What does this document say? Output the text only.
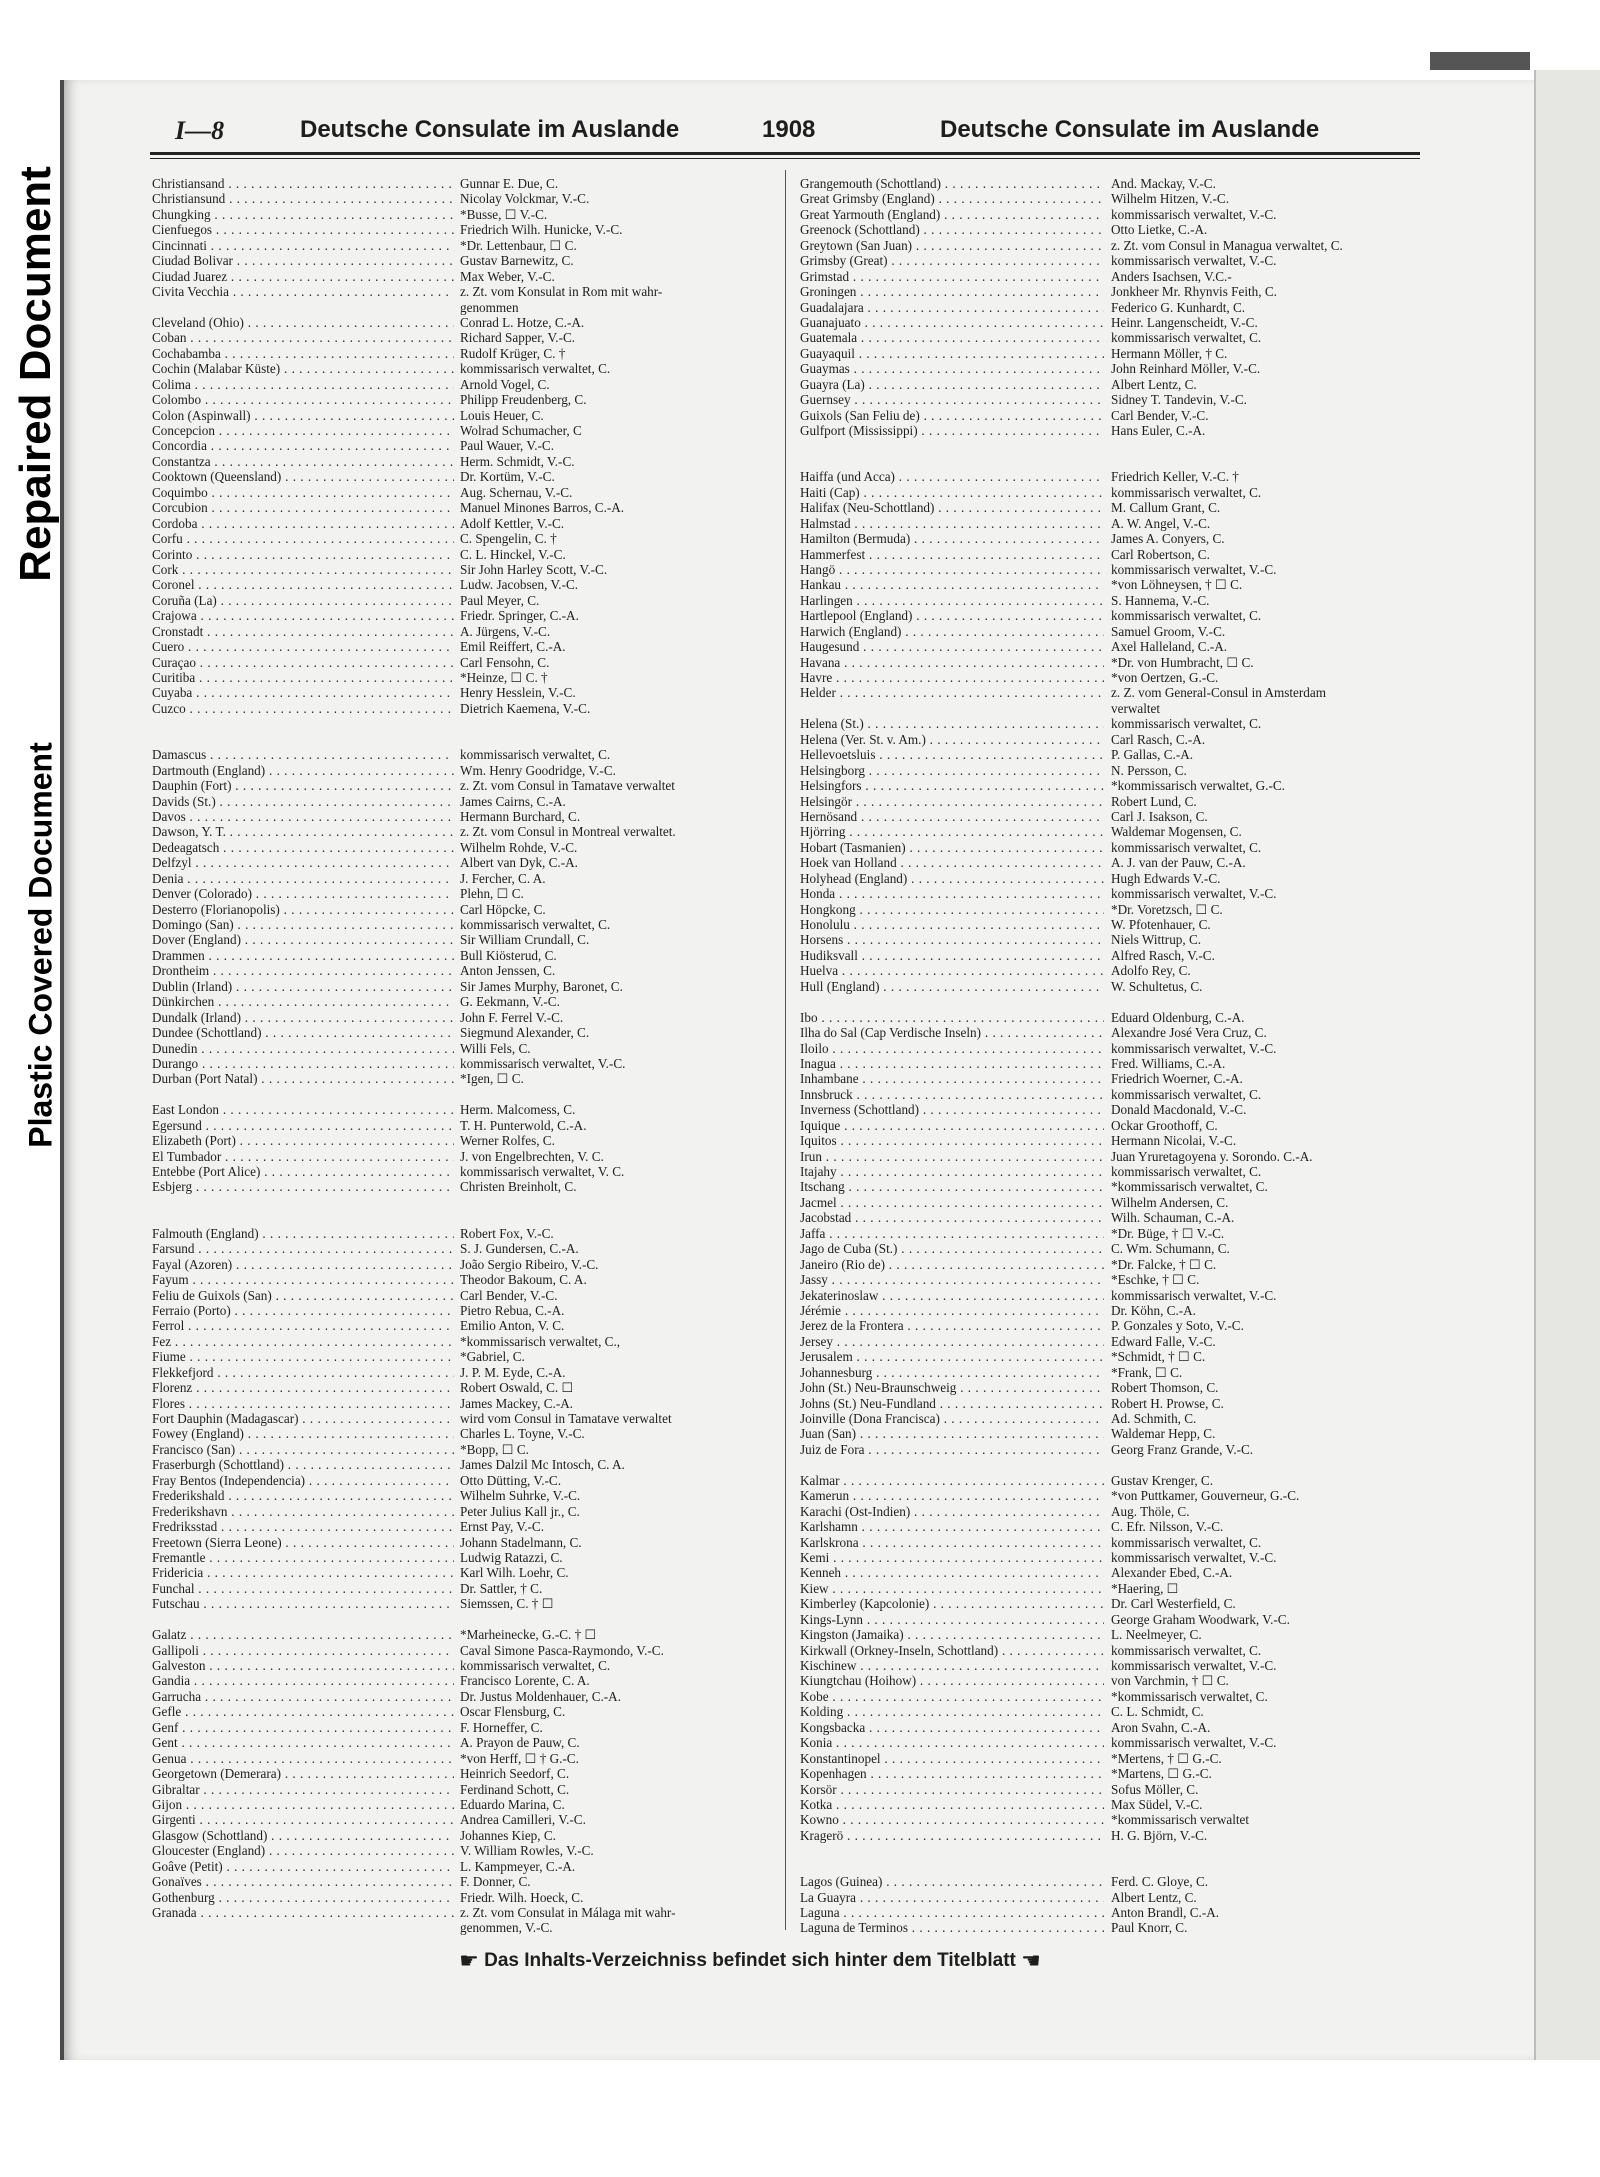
Repaired Document
Plastic Covered Document
I—8	Deutsche Consulate im Auslande	1908	Deutsche Consulate im Auslande
Christiansand . . .	Gunnar E. Due, C.
Christiansund . . .	Nicolay Volckmar, V.-C.
Chungking . . .	*Busse, ☐ V.-C.
Cienfuegos . . .	Friedrich Wilh. Hunicke, V.-C.
Cincinnati . . .	*Dr. Lettenbaur, ☐ C.
Ciudad Bolivar . . .	Gustav Barnewitz, C.
Ciudad Juarez . . .	Max Weber, V.-C.
Civita Vecchia . . .	z. Zt. vom Konsulat in Rom mit wahr-
genommen
Cleveland (Ohio) . . .	Conrad L. Hotze, C.-A.
Coban . . .	Richard Sapper, V.-C.
Cochabamba . . .	Rudolf Krüger, C. †
Cochin (Malabar Küste) . . .	kommissarisch verwaltet, C.
Colima . . .	Arnold Vogel, C.
Colombo . . .	Philipp Freudenberg, C.
Colon (Aspinwall) . . .	Louis Heuer, C.
Concepcion . . .	Wolrad Schumacher, C
Concordia . . .	Paul Wauer, V.-C.
Constantza . . .	Herm. Schmidt, V.-C.
Cooktown (Queensland) . . .	Dr. Kortüm, V.-C.
Coquimbo . . .	Aug. Schernau, V.-C.
Corcubion . . .	Manuel Minones Barros, C.-A.
Cordoba . . .	Adolf Kettler, V.-C.
Corfu . . .	C. Spengelin, C. †
Corinto . . .	C. L. Hinckel, V.-C.
Cork . . .	Sir John Harley Scott, V.-C.
Coronel . . .	Ludw. Jacobsen, V.-C.
Coruña (La) . . .	Paul Meyer, C.
Crajowa . . .	Friedr. Springer, C.-A.
Cronstadt . . .	A. Jürgens, V.-C.
Cuero . . .	Emil Reiffert, C.-A.
Curaçao . . .	Carl Fensohn, C.
Curitiba . . .	*Heinze, ☐ C. †
Cuyaba . . .	Henry Hesslein, V.-C.
Cuzco . . .	Dietrich Kaemena, V.-C.
Damascus . . .	kommissarisch verwaltet, C.
Dartmouth (England) . . .	Wm. Henry Goodridge, V.-C.
Dauphin (Fort) . . .	z. Zt. vom Consul in Tamatave verwaltet
Davids (St.) . . .	James Cairns, C.-A.
Davos . . .	Hermann Burchard, C.
Dawson, Y. T. . . .	z. Zt. vom Consul in Montreal verwaltet.
Dedeagatsch . . .	Wilhelm Rohde, V.-C.
Delfzyl . . .	Albert van Dyk, C.-A.
Denia . . .	J. Fercher, C. A.
Denver (Colorado) . . .	Plehn, ☐ C.
Desterro (Florianopolis) . . .	Carl Höpcke, C.
Domingo (San) . . .	kommissarisch verwaltet, C.
Dover (England) . . .	Sir William Crundall, C.
Drammen . . .	Bull Kiösterud, C.
Drontheim . . .	Anton Jenssen, C.
Dublin (Irland) . . .	Sir James Murphy, Baronet, C.
Dünkirchen . . .	G. Eekmann, V.-C.
Dundalk (Irland) . . .	John F. Ferrel V.-C.
Dundee (Schottland) . . .	Siegmund Alexander, C.
Dunedin . . .	Willi Fels, C.
Durango . . .	kommissarisch verwaltet, V.-C.
Durban (Port Natal) . . .	*Igen, ☐ C.
East London . . .	Herm. Malcomess, C.
Egersund . . .	T. H. Punterwold, C.-A.
Elizabeth (Port) . . .	Werner Rolfes, C.
El Tumbador . . .	J. von Engelbrechten, V. C.
Entebbe (Port Alice) . . .	kommissarisch verwaltet, V. C.
Esbjerg . . .	Christen Breinholt, C.
Falmouth (England) . . .	Robert Fox, V.-C.
Farsund . . .	S. J. Gundersen, C.-A.
Fayal (Azoren) . . .	João Sergio Ribeiro, V.-C.
Fayum . . .	Theodor Bakoum, C. A.
Feliu de Guixols (San) . . .	Carl Bender, V.-C.
Ferraio (Porto) . . .	Pietro Rebua, C.-A.
Ferrol . . .	Emilio Anton, V. C.
Fez . . .	*kommissarisch verwaltet, C.,
Fiume . . .	*Gabriel, C.
Flekkefjord . . .	J. P. M. Eyde, C.-A.
Florenz . . .	Robert Oswald, C. ☐
Flores . . .	James Mackey, C.-A.
Fort Dauphin (Madagascar) . . .	wird vom Consul in Tamatave verwaltet
Fowey (England) . . .	Charles L. Toyne, V.-C.
Francisco (San) . . .	*Bopp, ☐ C.
Fraserburgh (Schottland) . . .	James Dalzil Mc Intosch, C. A.
Fray Bentos (Independencia) . . .	Otto Dütting, V.-C.
Frederikshald . . .	Wilhelm Suhrke, V.-C.
Frederikshavn . . .	Peter Julius Kall jr., C.
Fredriksstad . . .	Ernst Pay, V.-C.
Freetown (Sierra Leone) . . .	Johann Stadelmann, C.
Fremantle . . .	Ludwig Ratazzi, C.
Fridericia . . .	Karl Wilh. Loehr, C.
Funchal . . .	Dr. Sattler, † C.
Futschau . . .	Siemssen, C. † ☐
Galatz . . .	*Marheinecke, G.-C. † ☐
Gallipoli . . .	Caval Simone Pasca-Raymondo, V.-C.
Galveston . . .	kommissarisch verwaltet, C.
Gandia . . .	Francisco Lorente, C. A.
Garrucha . . .	Dr. Justus Moldenhauer, C.-A.
Gefle . . .	Oscar Flensburg, C.
Genf . . .	F. Horneffer, C.
Gent . . .	A. Prayon de Pauw, C.
Genua . . .	*von Herff, ☐ † G.-C.
Georgetown (Demerara) . . .	Heinrich Seedorf, C.
Gibraltar . . .	Ferdinand Schott, C.
Gijon . . .	Eduardo Marina, C.
Girgenti . . .	Andrea Camilleri, V.-C.
Glasgow (Schottland) . . .	Johannes Kiep, C.
Gloucester (England) . . .	V. William Rowles, V.-C.
Goâve (Petit) . . .	L. Kampmeyer, C.-A.
Gonaïves . . .	F. Donner, C.
Gothenburg . . .	Friedr. Wilh. Hoeck, C.
Granada . . .	z. Zt. vom Consulat in Málaga mit wahr-
genommen, V.-C.
Grangemouth (Schottland) . . .	And. Mackay, V.-C.
Great Grimsby (England) . . .	Wilhelm Hitzen, V.-C.
Great Yarmouth (England) . . .	kommissarisch verwaltet, V.-C.
Greenock (Schottland) . . .	Otto Lietke, C.-A.
Greytown (San Juan) . . .	z. Zt. vom Consul in Managua verwaltet, C.
Grimsby (Great) . . .	kommissarisch verwaltet, V.-C.
Grimstad . . .	Anders Isachsen, V.C.-
Groningen . . .	Jonkheer Mr. Rhynvis Feith, C.
Guadalajara . . .	Federico G. Kunhardt, C.
Guanajuato . . .	Heinr. Langenscheidt, V.-C.
Guatemala . . .	kommissarisch verwaltet, C.
Guayaquil . . .	Hermann Möller, † C.
Guaymas . . .	John Reinhard Möller, V.-C.
Guayra (La) . . .	Albert Lentz, C.
Guernsey . . .	Sidney T. Tandevin, V.-C.
Guixols (San Feliu de) . . .	Carl Bender, V.-C.
Gulfport (Mississippi) . . .	Hans Euler, C.-A.
Haiffa (und Acca) . . .	Friedrich Keller, V.-C. †
Haiti (Cap) . . .	kommissarisch verwaltet, C.
Halifax (Neu-Schottland) . . .	M. Callum Grant, C.
Halmstad . . .	A. W. Angel, V.-C.
Hamilton (Bermuda) . . .	James A. Conyers, C.
Hammerfest . . .	Carl Robertson, C.
Hangö . . .	kommissarisch verwaltet, V.-C.
Hankau . . .	*von Löhneysen, † ☐ C.
Harlingen . . .	S. Hannema, V.-C.
Hartlepool (England) . . .	kommissarisch verwaltet, C.
Harwich (England) . . .	Samuel Groom, V.-C.
Haugesund . . .	Axel Halleland, C.-A.
Havana . . .	*Dr. von Humbracht, ☐ C.
Havre . . .	*von Oertzen, G.-C.
Helder . . .	z. Z. vom General-Consul in Amsterdam
verwaltet
Helena (St.) . . .	kommissarisch verwaltet, C.
Helena (Ver. St. v. Am.) . . .	Carl Rasch, C.-A.
Hellevoetsluis . . .	P. Gallas, C.-A.
Helsingborg . . .	N. Persson, C.
Helsingfors . . .	*kommissarisch verwaltet, G.-C.
Helsingör . . .	Robert Lund, C.
Hernösand . . .	Carl J. Isakson, C.
Hjörring . . .	Waldemar Mogensen, C.
Hobart (Tasmanien) . . .	kommissarisch verwaltet, C.
Hoek van Holland . . .	A. J. van der Pauw, C.-A.
Holyhead (England) . . .	Hugh Edwards V.-C.
Honda . . .	kommissarisch verwaltet, V.-C.
Hongkong . . .	*Dr. Voretzsch, ☐ C.
Honolulu . . .	W. Pfotenhauer, C.
Horsens . . .	Niels Wittrup, C.
Hudiksvall . . .	Alfred Rasch, V.-C.
Huelva . . .	Adolfo Rey, C.
Hull (England) . . .	W. Schultetus, C.
Ibo . . .	Eduard Oldenburg, C.-A.
Ilha do Sal (Cap Verdische Inseln) . . .	Alexandre José Vera Cruz, C.
Iloilo . . .	kommissarisch verwaltet, V.-C.
Inagua . . .	Fred. Williams, C.-A.
Inhambane . . .	Friedrich Woerner, C.-A.
Innsbruck . . .	kommissarisch verwaltet, C.
Inverness (Schottland) . . .	Donald Macdonald, V.-C.
Iquique . . .	Ockar Groothoff, C.
Iquitos . . .	Hermann Nicolai, V.-C.
Irun . . .	Juan Yruretagoyena y. Sorondo. C.-A.
Itajahy . . .	kommissarisch verwaltet, C.
Itschang . . .	*kommissarisch verwaltet, C.
Jacmel . . .	Wilhelm Andersen, C.
Jacobstad . . .	Wilh. Schauman, C.-A.
Jaffa . . .	*Dr. Büge, † ☐ V.-C.
Jago de Cuba (St.) . . .	C. Wm. Schumann, C.
Janeiro (Rio de) . . .	*Dr. Falcke, † ☐ C.
Jassy . . .	*Eschke, † ☐ C.
Jekaterinoslaw . . .	kommissarisch verwaltet, V.-C.
Jérémie . . .	Dr. Köhn, C.-A.
Jerez de la Frontera . . .	P. Gonzales y Soto, V.-C.
Jersey . . .	Edward Falle, V.-C.
Jerusalem . . .	*Schmidt, † ☐ C.
Johannesburg . . .	*Frank, ☐ C.
John (St.) Neu-Braunschweig . . .	Robert Thomson, C.
Johns (St.) Neu-Fundland . . .	Robert H. Prowse, C.
Joinville (Dona Francisca) . . .	Ad. Schmith, C.
Juan (San) . . .	Waldemar Hepp, C.
Juiz de Fora . . .	Georg Franz Grande, V.-C.
Kalmar . . .	Gustav Krenger, C.
Kamerun . . .	*von Puttkamer, Gouverneur, G.-C.
Karachi (Ost-Indien) . . .	Aug. Thöle, C.
Karlshamn . . .	C. Efr. Nilsson, V.-C.
Karlskrona . . .	kommissarisch verwaltet, C.
Kemi . . .	kommissarisch verwaltet, V.-C.
Kenneh . . .	Alexander Ebed, C.-A.
Kiew . . .	*Haering, ☐
Kimberley (Kapcolonie) . . .	Dr. Carl Westerfield, C.
Kings-Lynn . . .	George Graham Woodwark, V.-C.
Kingston (Jamaika) . . .	L. Neelmeyer, C.
Kirkwall (Orkney-Inseln, Schottland) . . .	kommissarisch verwaltet, C.
Kischinew . . .	kommissarisch verwaltet, V.-C.
Kiungtchau (Hoihow) . . .	von Varchmin, † ☐ C.
Kobe . . .	*kommissarisch verwaltet, C.
Kolding . . .	C. L. Schmidt, C.
Kongsbacka . . .	Aron Svahn, C.-A.
Konia . . .	kommissarisch verwaltet, V.-C.
Konstantinopel . . .	*Mertens, † ☐ G.-C.
Kopenhagen . . .	*Martens, ☐ G.-C.
Korsör . . .	Sofus Möller, C.
Kotka . . .	Max Südel, V.-C.
Kowno . . .	*kommissarisch verwaltet
Kragerö . . .	H. G. Björn, V.-C.
Lagos (Guinea) . . .	Ferd. C. Gloye, C.
La Guayra . . .	Albert Lentz, C.
Laguna . . .	Anton Brandl, C.-A.
Laguna de Terminos . . .	Paul Knorr, C.
☛ Das Inhalts-Verzeichniss befindet sich hinter dem Titelblatt ☚
